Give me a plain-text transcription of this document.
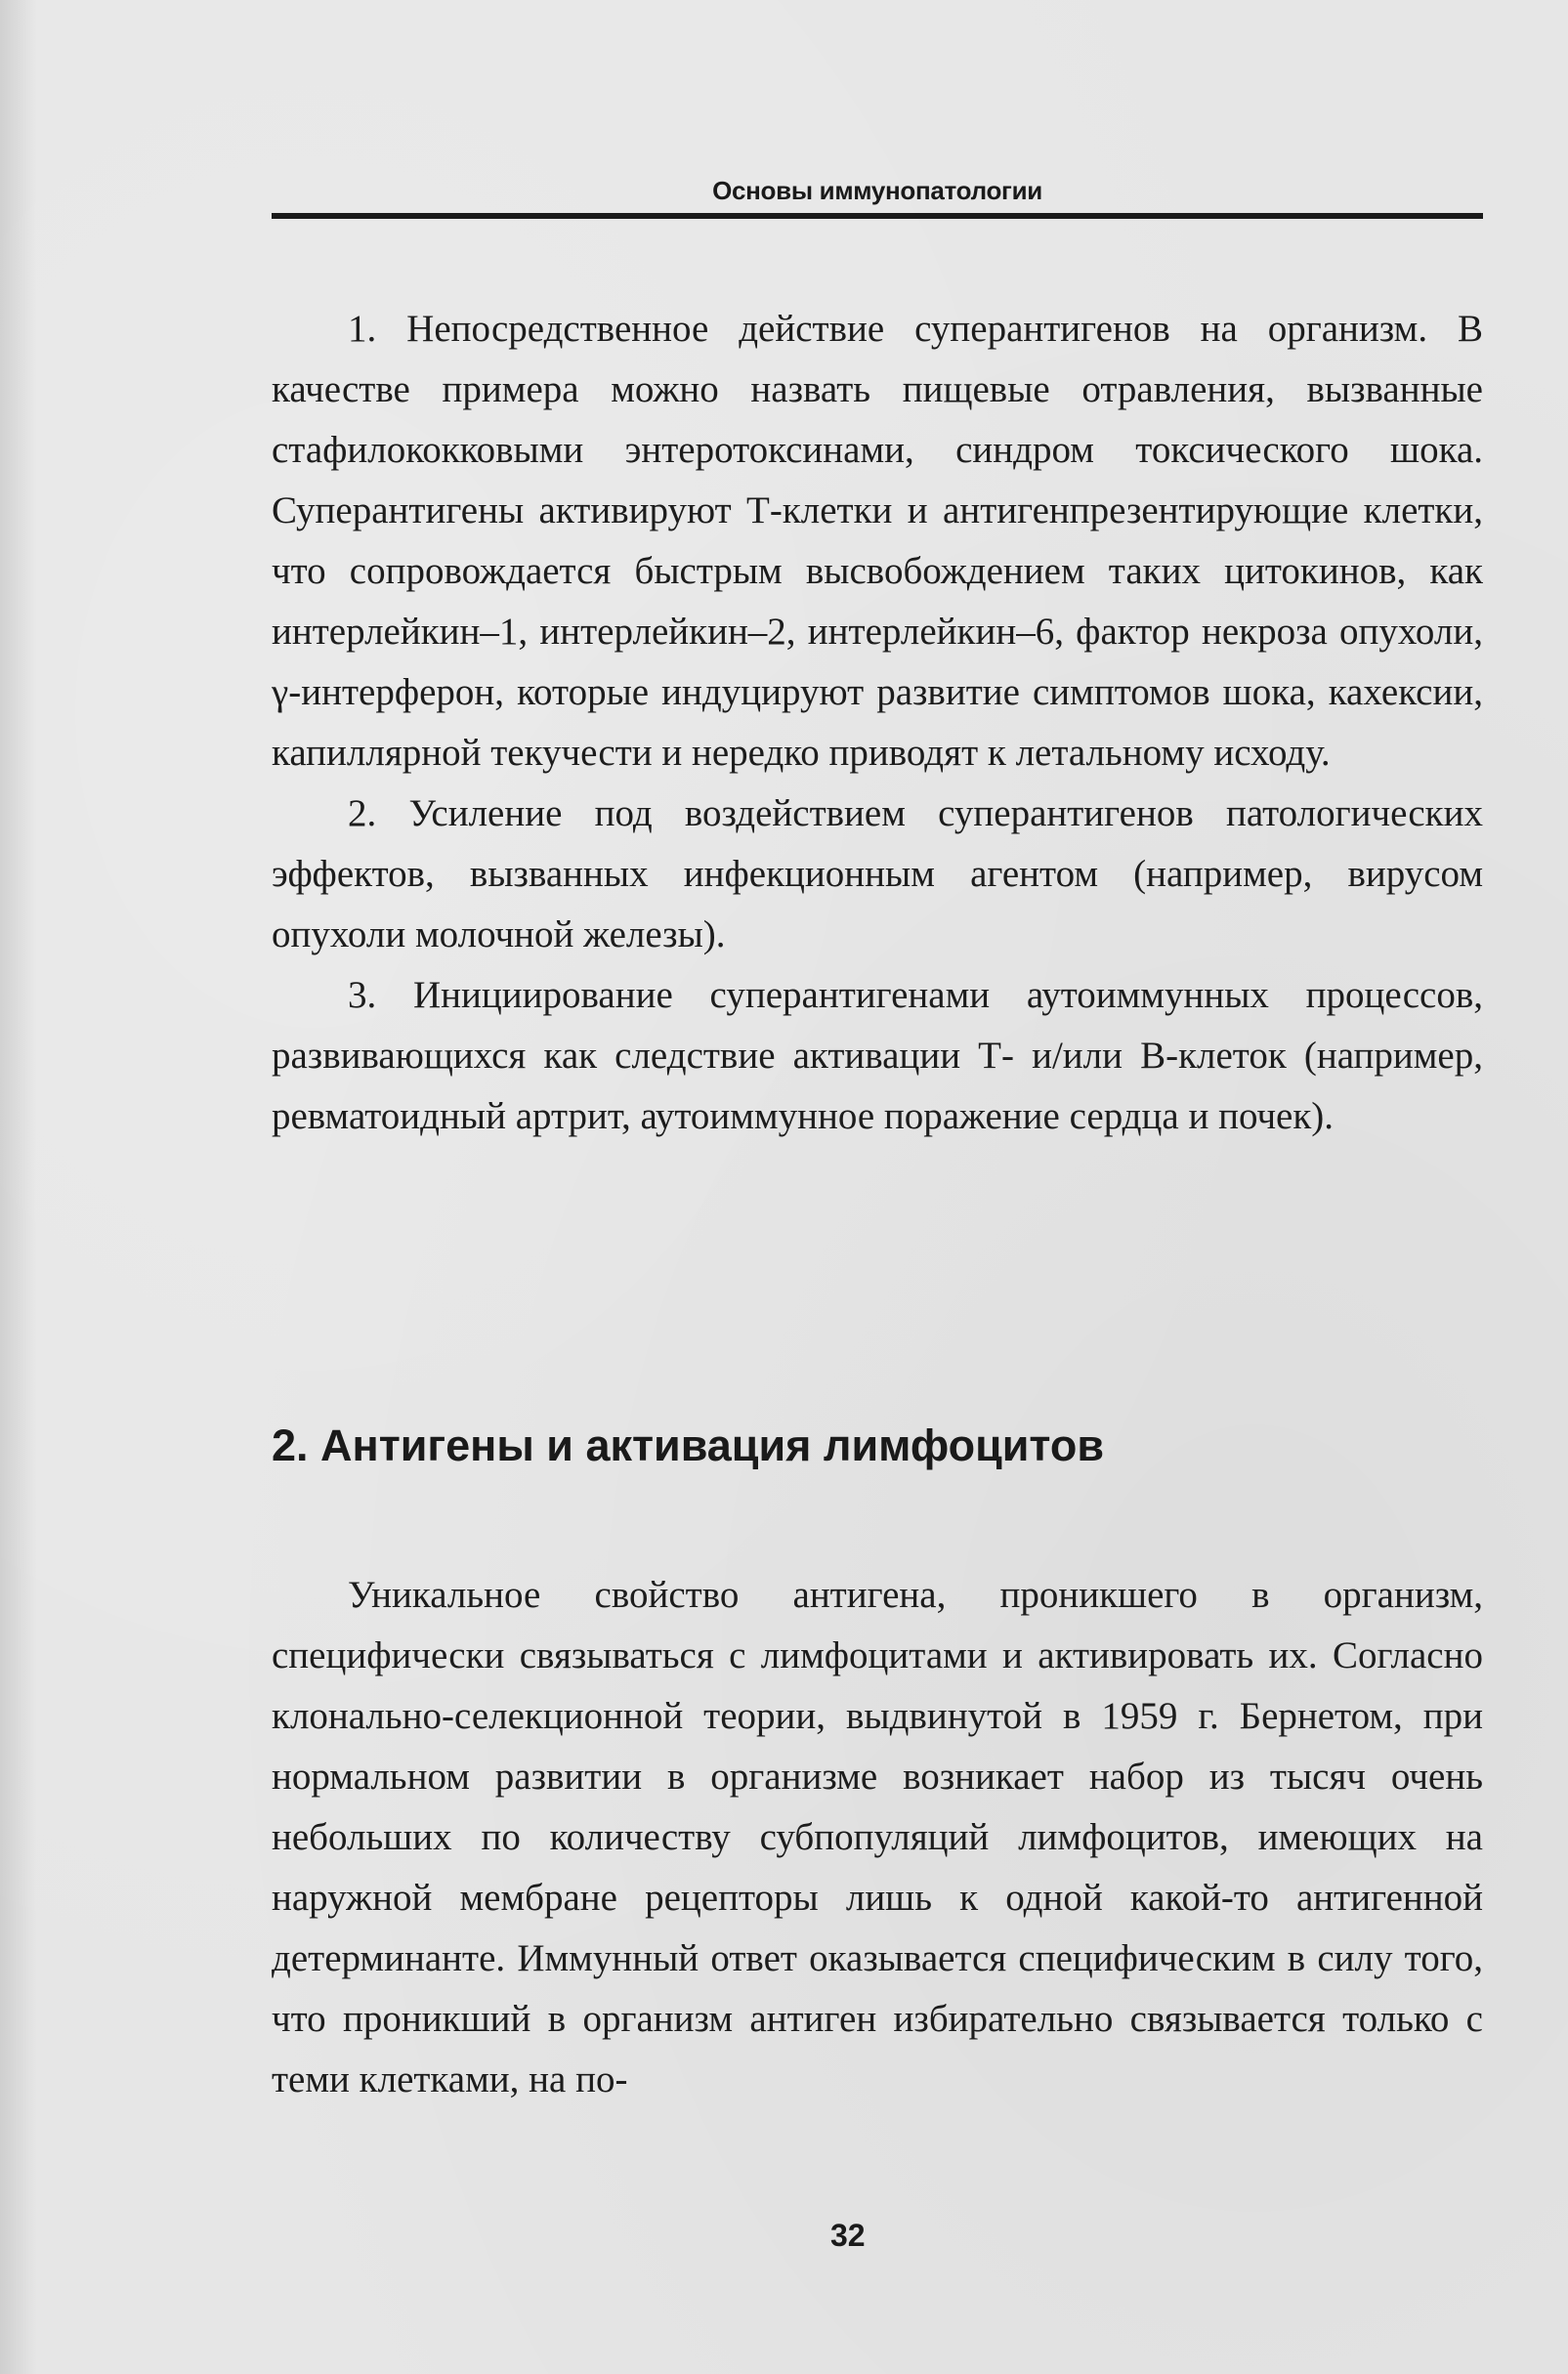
Основы иммунопатологии

1. Непосредственное действие суперантигенов на организм. В качестве примера можно назвать пищевые отравления, вызванные стафилококковыми энтеротоксинами, синдром токсического шока. Суперантигены активируют Т-клетки и антигенпрезентирующие клетки, что сопровождается быстрым высвобождением таких цитокинов, как интерлейкин–1, интерлейкин–2, интерлейкин–6, фактор некроза опухоли, γ-интерферон, которые индуцируют развитие симптомов шока, кахексии, капиллярной текучести и нередко приводят к летальному исходу.

2. Усиление под воздействием суперантигенов патологических эффектов, вызванных инфекционным агентом (например, вирусом опухоли молочной железы).

3. Инициирование суперантигенами аутоиммунных процессов, развивающихся как следствие активации Т- и/или В-клеток (например, ревматоидный артрит, аутоиммунное поражение сердца и почек).

2. Антигены и активация лимфоцитов

Уникальное свойство антигена, проникшего в организм, специфически связываться с лимфоцитами и активировать их. Согласно клонально-селекционной теории, выдвинутой в 1959 г. Бернетом, при нормальном развитии в организме возникает набор из тысяч очень небольших по количеству субпопуляций лимфоцитов, имеющих на наружной мембране рецепторы лишь к одной какой-то антигенной детерминанте. Иммунный ответ оказывается специфическим в силу того, что проникший в организм антиген избирательно связывается только с теми клетками, на по-

32
